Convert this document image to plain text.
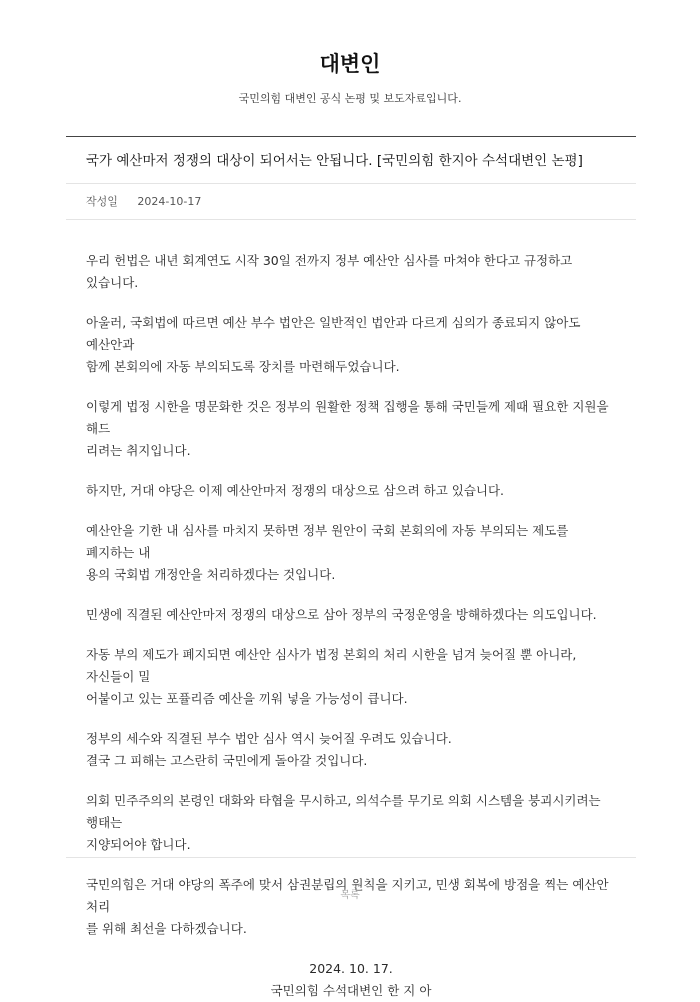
대변인

국민의힘 대변인 공식 논평 및 보도자료입니다.

국가 예산마저 정쟁의 대상이 되어서는 안됩니다. [국민의힘 한지아 수석대변인 논평]
작성일 2024-10-17

우리 헌법은 내년 회계연도 시작 30일 전까지 정부 예산안 심사를 마쳐야 한다고 규정하고 있습니다.

아울러, 국회법에 따르면 예산 부수 법안은 일반적인 법안과 다르게 심의가 종료되지 않아도 예산안과
함께 본회의에 자동 부의되도록 장치를 마련해두었습니다.

이렇게 법정 시한을 명문화한 것은 정부의 원활한 정책 집행을 통해 국민들께 제때 필요한 지원을 해드
리려는 취지입니다.

하지만, 거대 야당은 이제 예산안마저 정쟁의 대상으로 삼으려 하고 있습니다.

예산안을 기한 내 심사를 마치지 못하면 정부 원안이 국회 본회의에 자동 부의되는 제도를 폐지하는 내
용의 국회법 개정안을 처리하겠다는 것입니다.

민생에 직결된 예산안마저 정쟁의 대상으로 삼아 정부의 국정운영을 방해하겠다는 의도입니다.

자동 부의 제도가 폐지되면 예산안 심사가 법정 본회의 처리 시한을 넘겨 늦어질 뿐 아니라, 자신들이 밀
어붙이고 있는 포퓰리즘 예산을 끼워 넣을 가능성이 큽니다.

정부의 세수와 직결된 부수 법안 심사 역시 늦어질 우려도 있습니다.
결국 그 피해는 고스란히 국민에게 돌아갈 것입니다.

의회 민주주의의 본령인 대화와 타협을 무시하고, 의석수를 무기로 의회 시스템을 붕괴시키려는 행태는
지양되어야 합니다.

국민의힘은 거대 야당의 폭주에 맞서 삼권분립의 원칙을 지키고, 민생 회복에 방점을 찍는 예산안 처리
를 위해 최선을 다하겠습니다.

2024. 10. 17.
국민의힘 수석대변인 한 지 아
목록
